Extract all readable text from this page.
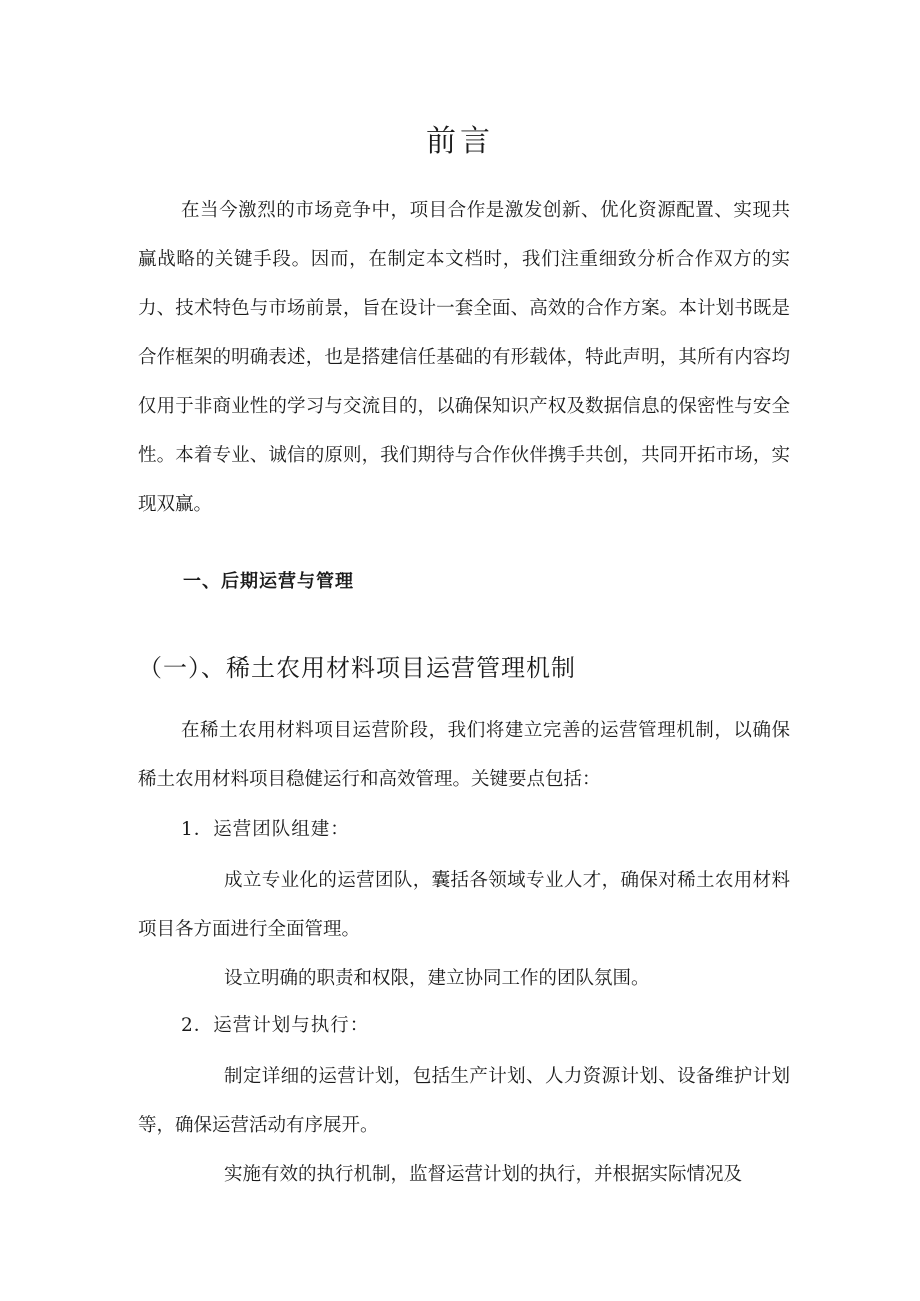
前言

在当今激烈的市场竞争中，项目合作是激发创新、优化资源配置、实现共赢战略的关键手段。因而，在制定本文档时，我们注重细致分析合作双方的实力、技术特色与市场前景，旨在设计一套全面、高效的合作方案。本计划书既是合作框架的明确表述，也是搭建信任基础的有形载体，特此声明，其所有内容均仅用于非商业性的学习与交流目的，以确保知识产权及数据信息的保密性与安全性。本着专业、诚信的原则，我们期待与合作伙伴携手共创，共同开拓市场，实现双赢。

一、后期运营与管理
（一）、稀土农用材料项目运营管理机制

在稀土农用材料项目运营阶段，我们将建立完善的运营管理机制，以确保稀土农用材料项目稳健运行和高效管理。关键要点包括：

1．运营团队组建：

成立专业化的运营团队，囊括各领域专业人才，确保对稀土农用材料项目各方面进行全面管理。

设立明确的职责和权限，建立协同工作的团队氛围。

2．运营计划与执行：

制定详细的运营计划，包括生产计划、人力资源计划、设备维护计划等，确保运营活动有序展开。

实施有效的执行机制，监督运营计划的执行，并根据实际情况及
